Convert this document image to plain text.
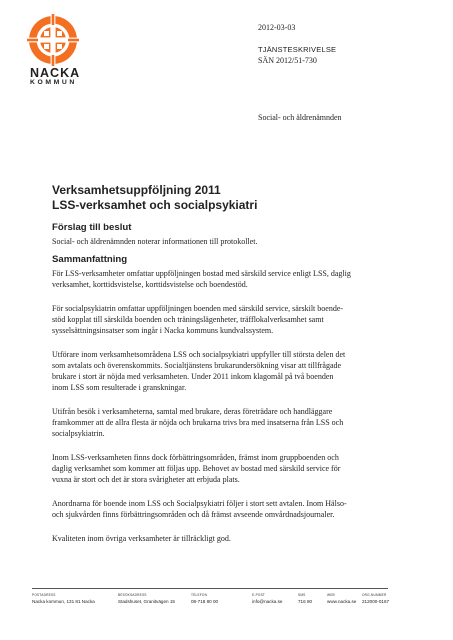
NACKA
KOMMUN
2012-03-03
TJÄNSTESKRIVELSE
SÄN 2012/51-730
Social- och äldrenämnden
Verksamhetsuppföljning 2011
LSS-verksamhet och socialpsykiatri
Förslag till beslut
Social- och äldrenämnden noterar informationen till protokollet.
Sammanfattning
För LSS-verksamheter omfattar uppföljningen bostad med särskild service enligt LSS, daglig
verksamhet, korttidsvistelse, korttidsvistelse och boendestöd.
För socialpsykiatrin omfattar uppföljningen boenden med särskild service, särskilt boende-
stöd kopplat till särskilda boenden och träningslägenheter, träfflokalverksamhet samt
sysselsättningsinsatser som ingår i Nacka kommuns kundvalssystem.
Utförare inom verksamhetsområdena LSS och socialpsykiatri uppfyller till största delen det
som avtalats och överenskommits. Socialtjänstens brukarundersökning visar att tillfrågade
brukare i stort är nöjda med verksamheten. Under 2011 inkom klagomål på två boenden
inom LSS som resulterade i granskningar.
Utifrån besök i verksamheterna, samtal med brukare, deras företrädare och handläggare
framkommer att de allra flesta är nöjda och brukarna trivs bra med insatserna från LSS och
socialpsykiatrin.
Inom LSS-verksamheten finns dock förbättringsområden, främst inom gruppboenden och
daglig verksamhet som kommer att följas upp. Behovet av bostad med särskild service för
vuxna är stort och det är stora svårigheter att erbjuda plats.
Anordnarna för boende inom LSS och Socialpsykiatri följer i stort sett avtalen. Inom Hälso-
och sjukvården finns förbättringsområden och då främst avseende omvårdnadsjournaler.
Kvaliteten inom övriga verksamheter är tillräckligt god.
POSTADRESS
Nacka kommun, 131 81 Nacka
BESÖKSADRESS
Stadshuset, Granitvägen 15
TELEFON
08-718 80 00
E-POST
info@nacka.se
SMS
716 80
WEB
www.nacka.se
ORG.NUMMER
212000-0167
